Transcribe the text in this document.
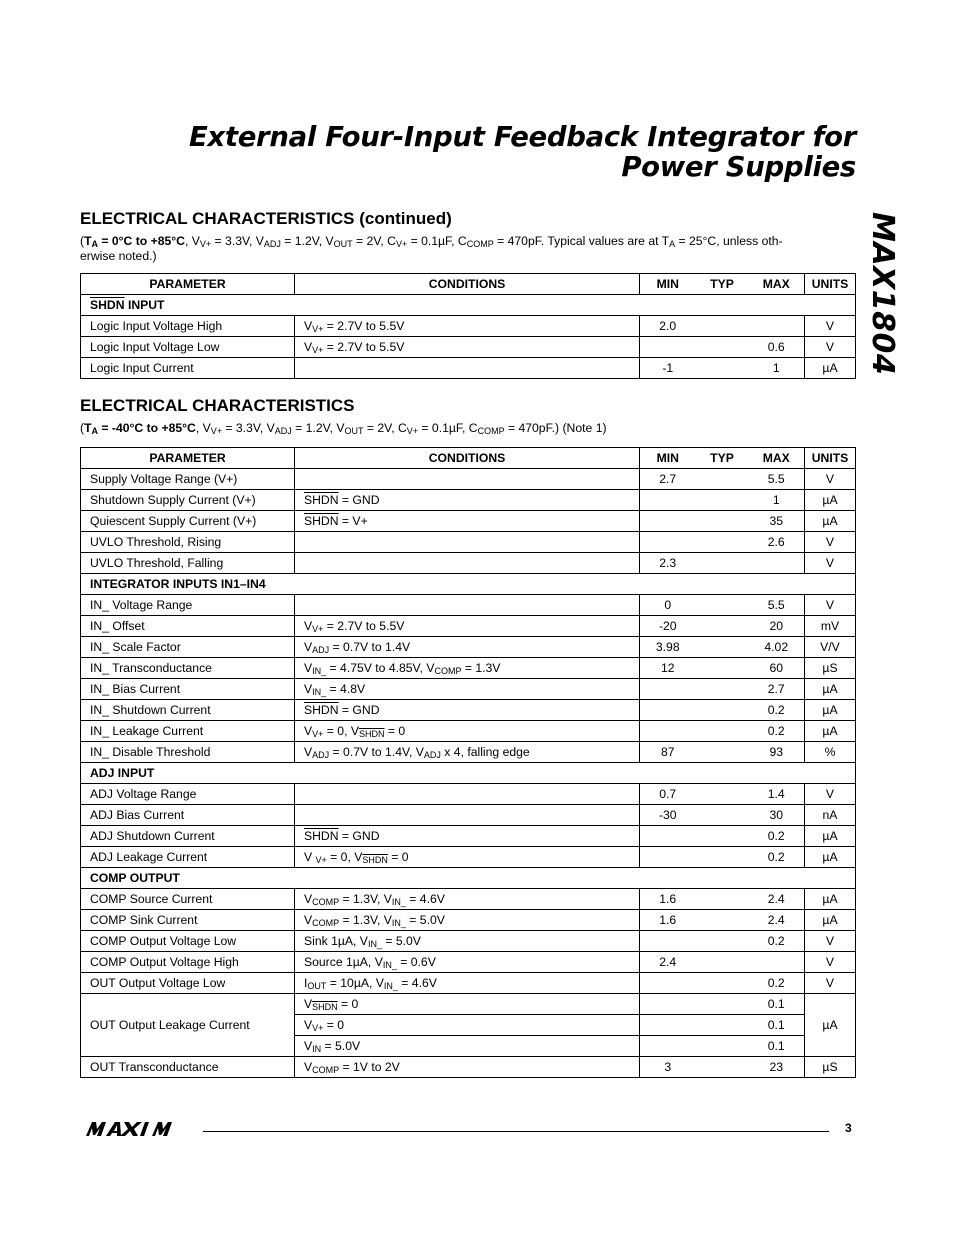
External Four-Input Feedback Integrator for
Power Supplies
MAX1804
ELECTRICAL CHARACTERISTICS (continued)
($T_A = 0^\circ C$ to +85°C, $V_{V+} = 3.3V$, $V_{ADJ} = 1.2V$, $V_{OUT} = 2V$, $C_{V+} = 0.1\mu F$, $C_{COMP} = 470pF$. Typical values are at $T_A = 25^\circ C$, unless oth-
erwise noted.)
PARAMETER	CONDITIONS	MIN	TYP	MAX	UNITS
SHDN INPUT					
Logic Input Voltage High	$V_{V+} = 2.7V$ to 5.5V	2.0			V
Logic Input Voltage Low	$V_{V+} = 2.7V$ to 5.5V			0.6	V
Logic Input Current		-1		1	µA
ELECTRICAL CHARACTERISTICS
($T_A = -40^\circ C$ to +85°C, $V_{V+} = 3.3V$, $V_{ADJ} = 1.2V$, $V_{OUT} = 2V$, $C_{V+} = 0.1\mu F$, $C_{COMP} = 470pF$.) (Note 1)
PARAMETER	CONDITIONS	MIN	TYP	MAX	UNITS
Supply Voltage Range (V+)		2.7		5.5	V
Shutdown Supply Current (V+)	SHDN = GND			1	µA
Quiescent Supply Current (V+)	SHDN = V+			35	µA
UVLO Threshold, Rising				2.6	V
UVLO Threshold, Falling		2.3			V
INTEGRATOR INPUTS IN1–IN4					
IN_ Voltage Range		0		5.5	V
IN_ Offset	$V_{V+} = 2.7V$ to 5.5V	-20		20	mV
IN_ Scale Factor	$V_{ADJ} = 0.7V$ to 1.4V	3.98		4.02	V/V
IN_ Transconductance	$V_{IN\_} = 4.75V$ to 4.85V, $V_{COMP} = 1.3V$	12		60	µS
IN_ Bias Current	$V_{IN\_} = 4.8V$			2.7	µA
IN_ Shutdown Current	SHDN = GND			0.2	µA
IN_ Leakage Current	$V_{V+} = 0$, $V_{SHDN} = 0$			0.2	µA
IN_ Disable Threshold	$V_{ADJ} = 0.7V$ to 1.4V, $V_{ADJ}$ x 4, falling edge	87		93	%
ADJ INPUT					
ADJ Voltage Range		0.7		1.4	V
ADJ Bias Current		-30		30	nA
ADJ Shutdown Current	SHDN = GND			0.2	µA
ADJ Leakage Current	V $_{V+}$ = 0, $V_{SHDN} = 0$			0.2	µA
COMP OUTPUT					
COMP Source Current	$V_{COMP} = 1.3V$, $V_{IN\_} = 4.6V$	1.6		2.4	µA
COMP Sink Current	$V_{COMP} = 1.3V$, $V_{IN\_} = 5.0V$	1.6		2.4	µA
COMP Output Voltage Low	Sink 1µA, $V_{IN\_} = 5.0V$			0.2	V
COMP Output Voltage High	Source 1µA, $V_{IN\_} = 0.6V$	2.4			V
OUT Output Voltage Low	$I_{OUT} = 10\mu A$, $V_{IN\_} = 4.6V$			0.2	V
OUT Output Leakage Current	$V_{SHDN} = 0$			0.1	µA
	$V_{V+} = 0$			0.1	
	$V_{IN} = 5.0V$			0.1	
OUT Transconductance	$V_{COMP} = 1V$ to 2V	3		23	µS
3
